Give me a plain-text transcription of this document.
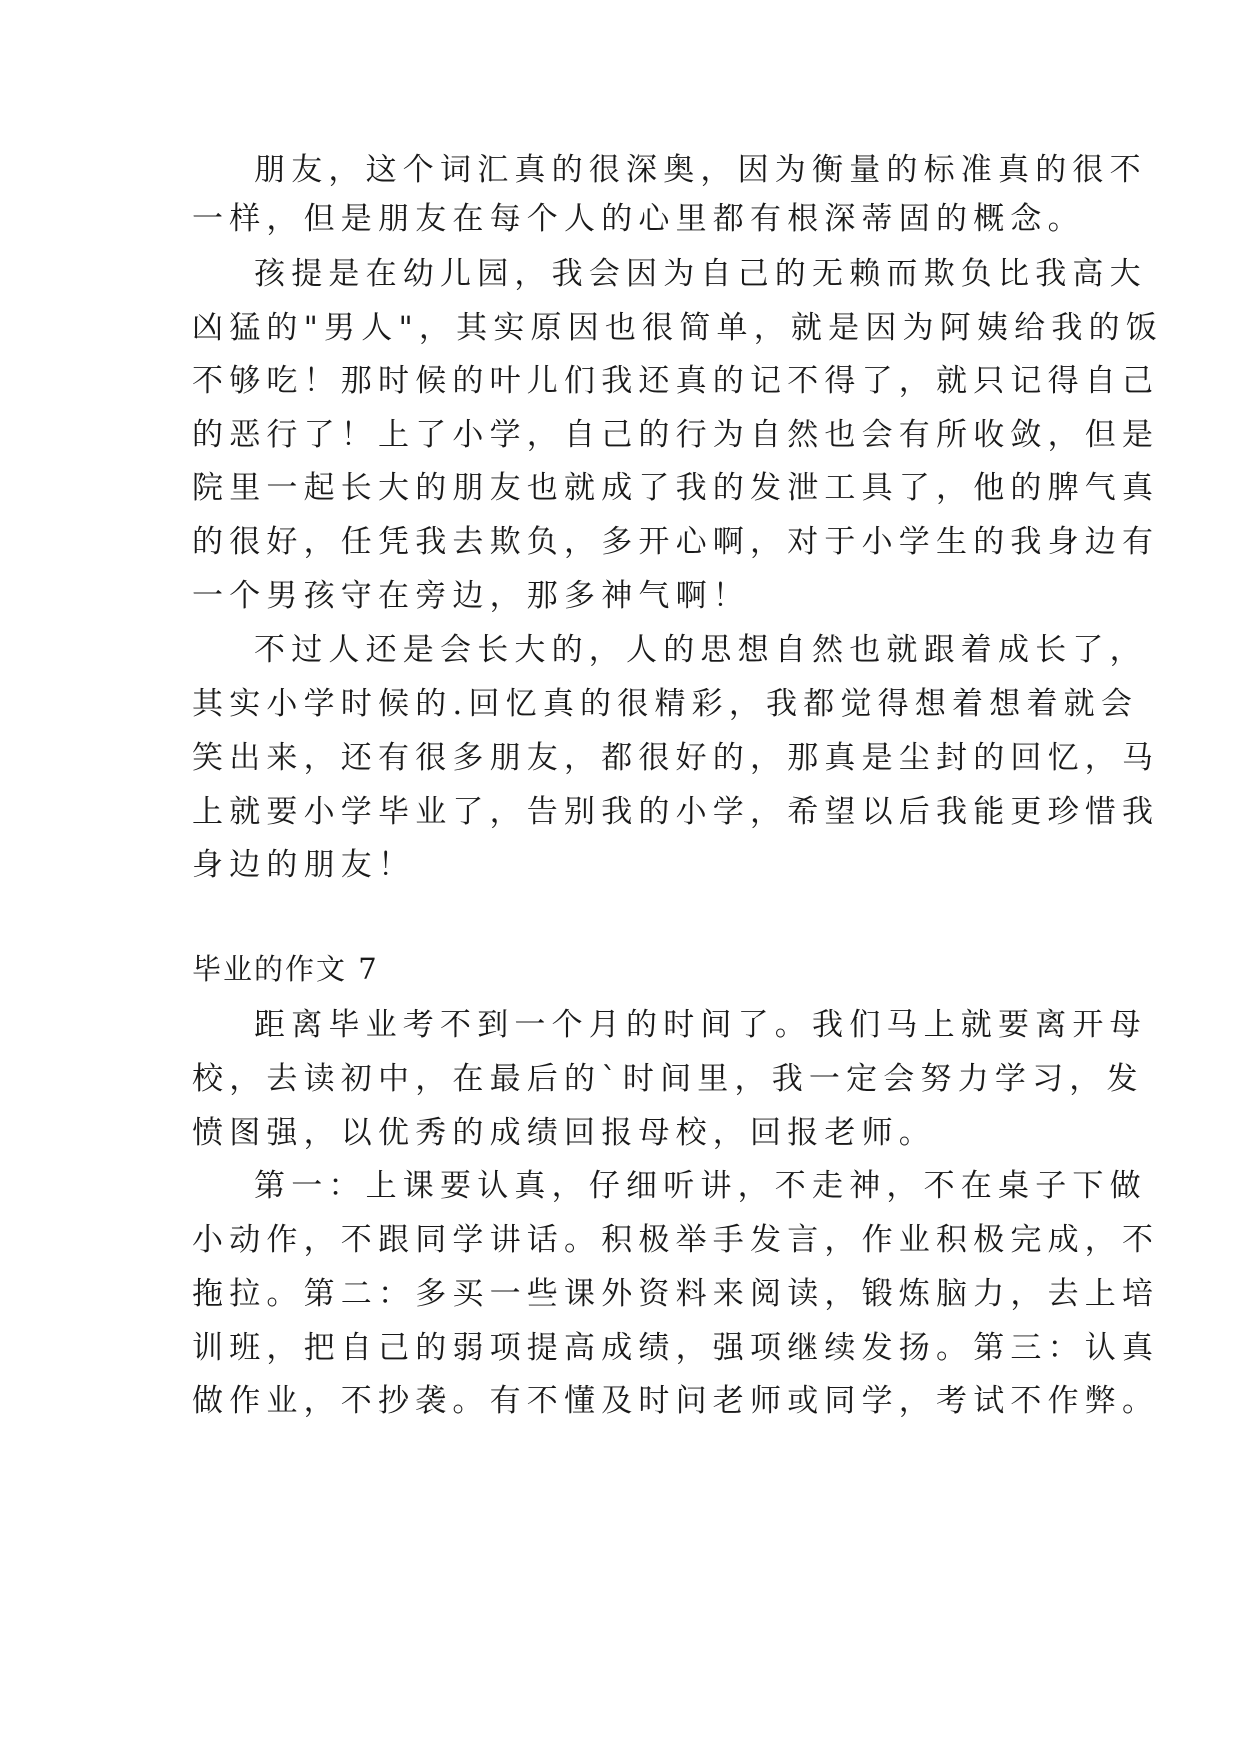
朋友，这个词汇真的很深奥，因为衡量的标准真的很不
一样，但是朋友在每个人的心里都有根深蒂固的概念。
孩提是在幼儿园，我会因为自己的无赖而欺负比我高大
凶猛的"男人"，其实原因也很简单，就是因为阿姨给我的饭
不够吃！那时候的叶儿们我还真的记不得了，就只记得自己
的恶行了！上了小学，自己的行为自然也会有所收敛，但是
院里一起长大的朋友也就成了我的发泄工具了，他的脾气真
的很好，任凭我去欺负，多开心啊，对于小学生的我身边有
一个男孩守在旁边，那多神气啊！
不过人还是会长大的，人的思想自然也就跟着成长了，
其实小学时候的.回忆真的很精彩，我都觉得想着想着就会
笑出来，还有很多朋友，都很好的，那真是尘封的回忆，马
上就要小学毕业了，告别我的小学，希望以后我能更珍惜我
身边的朋友！
毕业的作文 7
距离毕业考不到一个月的时间了。我们马上就要离开母
校，去读初中，在最后的`时间里，我一定会努力学习，发
愤图强，以优秀的成绩回报母校，回报老师。
第一：上课要认真，仔细听讲，不走神，不在桌子下做
小动作，不跟同学讲话。积极举手发言，作业积极完成，不
拖拉。第二：多买一些课外资料来阅读，锻炼脑力，去上培
训班，把自己的弱项提高成绩，强项继续发扬。第三：认真
做作业，不抄袭。有不懂及时问老师或同学，考试不作弊。
